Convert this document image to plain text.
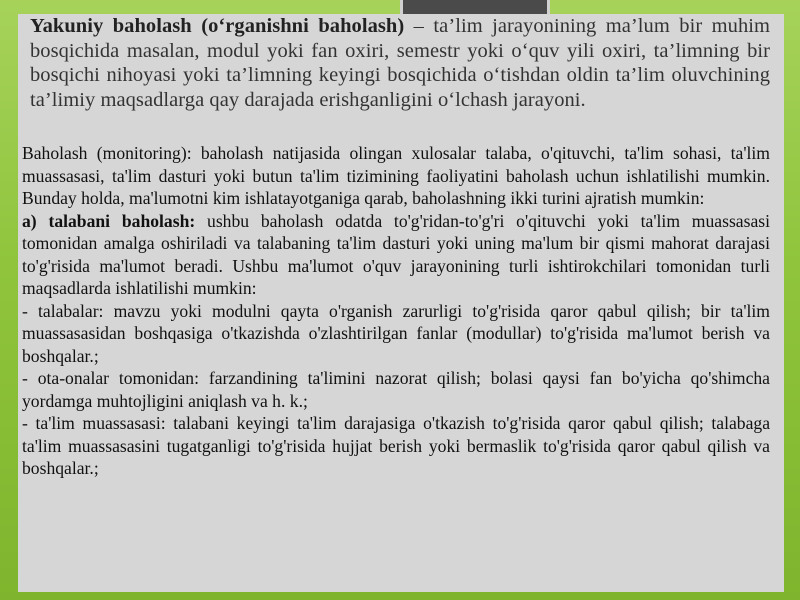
Yakuniy baholash (o‘rganishni baholash) – ta’lim jarayonining ma’lum bir muhim bosqichida masalan, modul yoki fan oxiri, semestr yoki o‘quv yili oxiri, ta’limning bir bosqichi nihoyasi yoki ta’limning keyingi bosqichida o‘tishdan oldin ta’lim oluvchining ta’limiy maqsadlarga qay darajada erishganligini o‘lchash jarayoni.

Baholash (monitoring): baholash natijasida olingan xulosalar talaba, o'qituvchi, ta'lim sohasi, ta'lim muassasasi, ta'lim dasturi yoki butun ta'lim tizimining faoliyatini baholash uchun ishlatilishi mumkin. Bunday holda, ma'lumotni kim ishlatayotganiga qarab, baholashning ikki turini ajratish mumkin:

a) talabani baholash: ushbu baholash odatda to'g'ridan-to'g'ri o'qituvchi yoki ta'lim muassasasi tomonidan amalga oshiriladi va talabaning ta'lim dasturi yoki uning ma'lum bir qismi mahorat darajasi to'g'risida ma'lumot beradi. Ushbu ma'lumot o'quv jarayonining turli ishtirokchilari tomonidan turli maqsadlarda ishlatilishi mumkin:

- talabalar: mavzu yoki modulni qayta o'rganish zarurligi to'g'risida qaror qabul qilish; bir ta'lim muassasasidan boshqasiga o'tkazishda o'zlashtirilgan fanlar (modullar) to'g'risida ma'lumot berish va boshqalar.;

- ota-onalar tomonidan: farzandining ta'limini nazorat qilish; bolasi qaysi fan bo'yicha qo'shimcha yordamga muhtojligini aniqlash va h. k.;

- ta'lim muassasasi: talabani keyingi ta'lim darajasiga o'tkazish to'g'risida qaror qabul qilish; talabaga ta'lim muassasasini tugatganligi to'g'risida hujjat berish yoki bermaslik to'g'risida qaror qabul qilish va boshqalar.;
